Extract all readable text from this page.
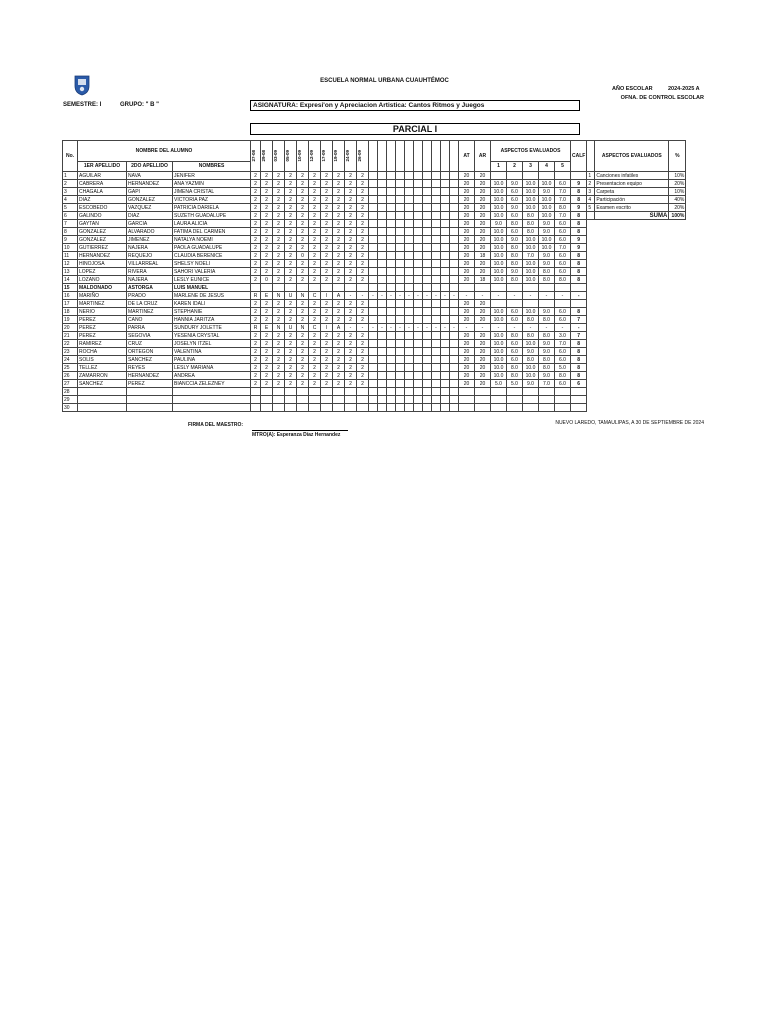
ESCUELA NORMAL URBANA CUAUHTÉMOC
AÑO ESCOLAR	2024-2025 A
OFNA. DE CONTROL ESCOLAR
SEMESTRE: I	GRUPO: " B "	ASIGNATURA: Expresi'on y Apreciacion Artistica: Cantos Ritmos y Juegos
PARCIAL I
No.	NOMBRE DEL ALUMNO			27-08	29-08	03-09	05-09	10-09	12-09	17-09	19-09	24-09	26-09											AT	AR	ASPECTOS EVALUADOS					CALF		ASPECTOS EVALUADOS	%

	1ER APELLIDO	2DO APELLIDO	NOMBRES																							1	2	3	4	5				
1	AGUILAR	NAVA	JENIFER	2	2	2	2	2	2	2	2	2	2											20	20							1	Canciones infatiles	10%
2	CABRERA	HERNANDEZ	ANA YAZMIN	2	2	2	2	2	2	2	2	2	2											20	20	10.0	9.0	10.0	10.0	6.0	9	2	Presentacion equipo	20%
3	CHAGALA	GAPI	JIMENA CRISTAL	2	2	2	2	2	2	2	2	2	2											20	20	10.0	6.0	10.0	9.0	7.0	8	3	Carpeta	10%
4	DIAZ	GONZALEZ	VICTORIA PAZ	2	2	2	2	2	2	2	2	2	2											20	20	10.0	6.0	10.0	10.0	7.0	8	4	Participación	40%
5	ESCOBEDO	VAZQUEZ	PATRICIA DARIELA	2	2	2	2	2	2	2	2	2	2											20	20	10.0	9.0	10.0	10.0	8.0	9	5	Examen escrito	20%
6	GALINDO	DIAZ	SUZETH GUADALUPE	2	2	2	2	2	2	2	2	2	2											20	20	10.0	6.0	8.0	10.0	7.0	8		SUMA	100%
7	GAYTAN	GARCIA	LAURA ALICIA	2	2	2	2	2	2	2	2	2	2											20	20	9.0	8.0	8.0	9.0	6.0	8			
8	GONZALEZ	ALVARADO	FATIMA DEL CARMEN	2	2	2	2	2	2	2	2	2	2											20	20	10.0	6.0	8.0	9.0	6.0	8			
9	GONZALEZ	JIMENEZ	NATALYA NOEMI	2	2	2	2	2	2	2	2	2	2											20	20	10.0	9.0	10.0	10.0	6.0	9			
10	GUTIERREZ	NAJERA	PAOLA GUADALUPE	2	2	2	2	2	2	2	2	2	2											20	20	10.0	8.0	10.0	10.0	7.0	9			
11	HERNANDEZ	REQUEJO	CLAUDIA BERENICE	2	2	2	2	0	2	2	2	2	2											20	18	10.0	8.0	7.0	9.0	6.0	8			
12	HINOJOSA	VILLARREAL	SHELSY NOELI	2	2	2	2	2	2	2	2	2	2											20	20	10.0	8.0	10.0	9.0	6.0	8			
13	LOPEZ	RIVERA	SAHORI VALERIA	2	2	2	2	2	2	2	2	2	2											20	20	10.0	9.0	10.0	8.0	6.0	8			
14	LOZANO	NAJERA	LESLY EUNICE	2	0	2	2	2	2	2	2	2	2											20	18	10.0	8.0	10.0	8.0	8.0	8			
15	MALDONADO	ASTORGA	LUIS MANUEL																															
16	MARIÑO	PRADO	MARLENE DE JESUS	R	E	N	U	N	C	I	A	-	-	-	-	-	-	-	-	-	-	-	-	-	-	-	-	-	-	-	-			
17	MARTINEZ	DE LA CRUZ	KAREN IDALI	2	2	2	2	2	2	2	2	2	2											20	20									
18	NERIO	MARTINEZ	STEPHANIE	2	2	2	2	2	2	2	2	2	2											20	20	10.0	6.0	10.0	9.0	6.0	8			
19	PEREZ	CANO	HANNIA JARITZA	2	2	2	2	2	2	2	2	2	2											20	20	10.0	6.0	8.0	8.0	6.0	7			
20	PEREZ	PARRA	SUNDURY JOLETTE	R	E	N	U	N	C	I	A	-	-	-	-	-	-	-	-	-	-	-	-	-	-	-	-	-	-	-	-			
21	PEREZ	SEGOVIA	YESENIA CRYSTAL	2	2	2	2	2	2	2	2	2	2											20	20	10.0	8.0	8.0	8.0	3.0	7			
22	RAMIREZ	CRUZ	JOSELYN ITZEL	2	2	2	2	2	2	2	2	2	2											20	20	10.0	6.0	10.0	9.0	7.0	8			
23	ROCHA	ORTEGON	VALENTINA	2	2	2	2	2	2	2	2	2	2											20	20	10.0	6.0	9.0	9.0	6.0	8			
24	SOLIS	SANCHEZ	PAULINA	2	2	2	2	2	2	2	2	2	2											20	20	10.0	6.0	8.0	8.0	6.0	8			
25	TELLEZ	REYES	LESLY MARIANA	2	2	2	2	2	2	2	2	2	2											20	20	10.0	8.0	10.0	8.0	5.0	8			
26	ZAMARRON	HERNANDEZ	ANDREA	2	2	2	2	2	2	2	2	2	2											20	20	10.0	8.0	10.0	9.0	8.0	8			
27	SANCHEZ	PEREZ	BIANCCIA ZELEZNEY	2	2	2	2	2	2	2	2	2	2											20	20	5.0	5.0	9.0	7.0	6.0	6			
28																																		
29																																		
30																																		
FIRMA DEL MAESTRO:
MTRO(A): Esperanza Díaz Hernandez
NUEVO LAREDO, TAMAULIPAS, A 30 DE SEPTIEMBRE DE 2024
